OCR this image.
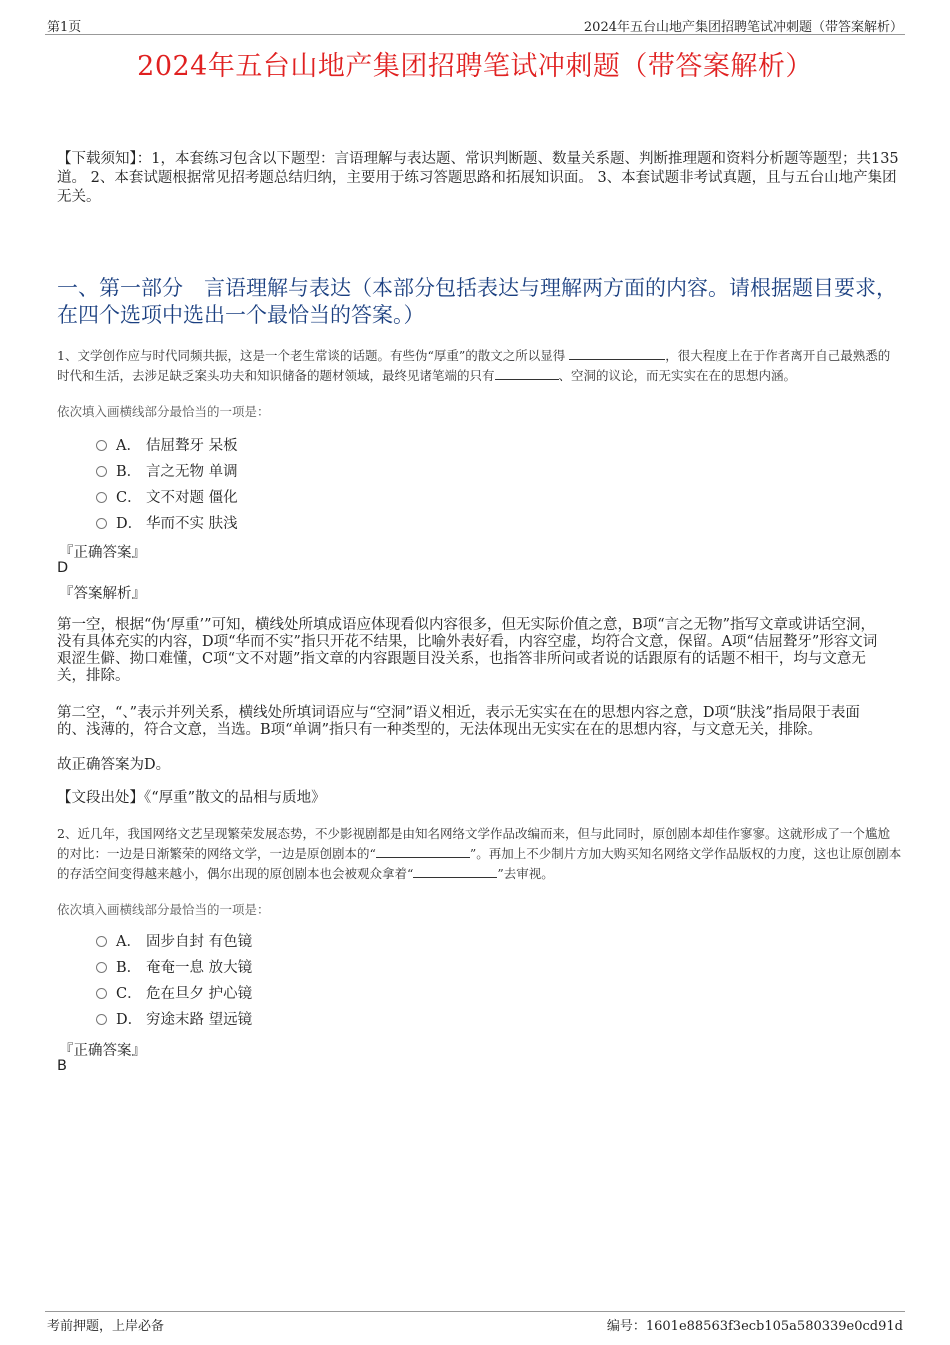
第1页	2024年五台山地产集团招聘笔试冲刺题（带答案解析）
2024年五台山地产集团招聘笔试冲刺题（带答案解析）
【下载须知】：1，本套练习包含以下题型：言语理解与表达题、常识判断题、数量关系题、判断推理题和资料分析题等题型；共135道。 2、本套试题根据常见招考题总结归纳，主要用于练习答题思路和拓展知识面。 3、本套试题非考试真题，且与五台山地产集团无关。
一、第一部分　言语理解与表达（本部分包括表达与理解两方面的内容。请根据题目要求，在四个选项中选出一个最恰当的答案。）
1、文学创作应与时代同频共振，这是一个老生常谈的话题。有些伪“厚重”的散文之所以显得	，很大程度上在于作者离开自己最熟悉的时代和生活，去涉足缺乏案头功夫和知识储备的题材领域，最终见诸笔端的只有	、空洞的议论，而无实实在在的思想内涵。
依次填入画横线部分最恰当的一项是：
A． 佶屈聱牙 呆板
B． 言之无物 单调
C． 文不对题 僵化
D． 华而不实 肤浅
『正确答案』
D
『答案解析』
第一空，根据“伪‘厚重’”可知，横线处所填成语应体现看似内容很多，但无实际价值之意，B项“言之无物”指写文章或讲话空洞，没有具体充实的内容，D项“华而不实”指只开花不结果，比喻外表好看，内容空虚，均符合文意，保留。A项“佶屈聱牙”形容文词艰涩生僻、拗口难懂，C项“文不对题”指文章的内容跟题目没关系，也指答非所问或者说的话跟原有的话题不相干，均与文意无关，排除。
第二空，“、”表示并列关系，横线处所填词语应与“空洞”语义相近，表示无实实在在的思想内容之意，D项“肤浅”指局限于表面的、浅薄的，符合文意，当选。B项“单调”指只有一种类型的，无法体现出无实实在在的思想内容，与文意无关，排除。
故正确答案为D。
【文段出处】《“厚重”散文的品相与质地》
2、近几年，我国网络文艺呈现繁荣发展态势，不少影视剧都是由知名网络文学作品改编而来，但与此同时，原创剧本却佳作寥寥。这就形成了一个尴尬的对比：一边是日渐繁荣的网络文学，一边是原创剧本的“	”。再加上不少制片方加大购买知名网络文学作品版权的力度，这也让原创剧本的存活空间变得越来越小，偶尔出现的原创剧本也会被观众拿着“	”去审视。
依次填入画横线部分最恰当的一项是：
A． 固步自封 有色镜
B． 奄奄一息 放大镜
C． 危在旦夕 护心镜
D． 穷途末路 望远镜
『正确答案』
B
考前押题，上岸必备	编号：1601e88563f3ecb105a580339e0cd91d
